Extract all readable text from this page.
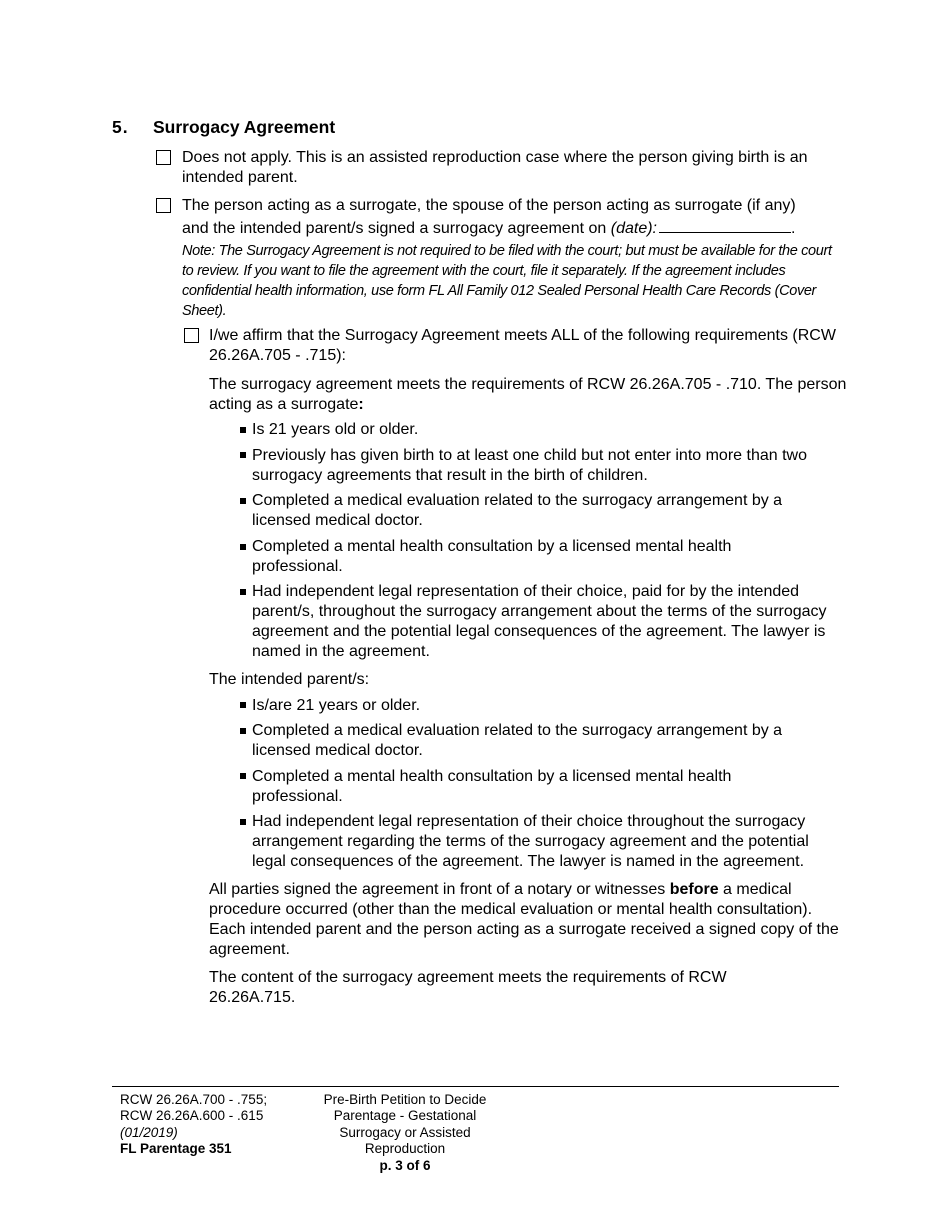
5. Surrogacy Agreement
Does not apply. This is an assisted reproduction case where the person giving birth is an intended parent.
The person acting as a surrogate, the spouse of the person acting as surrogate (if any)
and the intended parent/s signed a surrogacy agreement on (date):	.
Note: The Surrogacy Agreement is not required to be filed with the court; but must be available for the court to review. If you want to file the agreement with the court, file it separately. If the agreement includes confidential health information, use form FL All Family 012 Sealed Personal Health Care Records (Cover Sheet).
I/we affirm that the Surrogacy Agreement meets ALL of the following requirements (RCW 26.26A.705 - .715):
The surrogacy agreement meets the requirements of RCW 26.26A.705 - .710. The person acting as a surrogate:
Is 21 years old or older.
Previously has given birth to at least one child but not enter into more than two surrogacy agreements that result in the birth of children.
Completed a medical evaluation related to the surrogacy arrangement by a licensed medical doctor.
Completed a mental health consultation by a licensed mental health professional.
Had independent legal representation of their choice, paid for by the intended parent/s, throughout the surrogacy arrangement about the terms of the surrogacy agreement and the potential legal consequences of the agreement. The lawyer is named in the agreement.
The intended parent/s:
Is/are 21 years or older.
Completed a medical evaluation related to the surrogacy arrangement by a licensed medical doctor.
Completed a mental health consultation by a licensed mental health professional.
Had independent legal representation of their choice throughout the surrogacy arrangement regarding the terms of the surrogacy agreement and the potential legal consequences of the agreement. The lawyer is named in the agreement.
All parties signed the agreement in front of a notary or witnesses before a medical procedure occurred (other than the medical evaluation or mental health consultation). Each intended parent and the person acting as a surrogate received a signed copy of the agreement.
The content of the surrogacy agreement meets the requirements of RCW 26.26A.715.
RCW 26.26A.700 - .755;
RCW 26.26A.600 - .615
(01/2019)
FL Parentage 351
Pre-Birth Petition to Decide
Parentage - Gestational
Surrogacy or Assisted
Reproduction
p. 3 of 6
